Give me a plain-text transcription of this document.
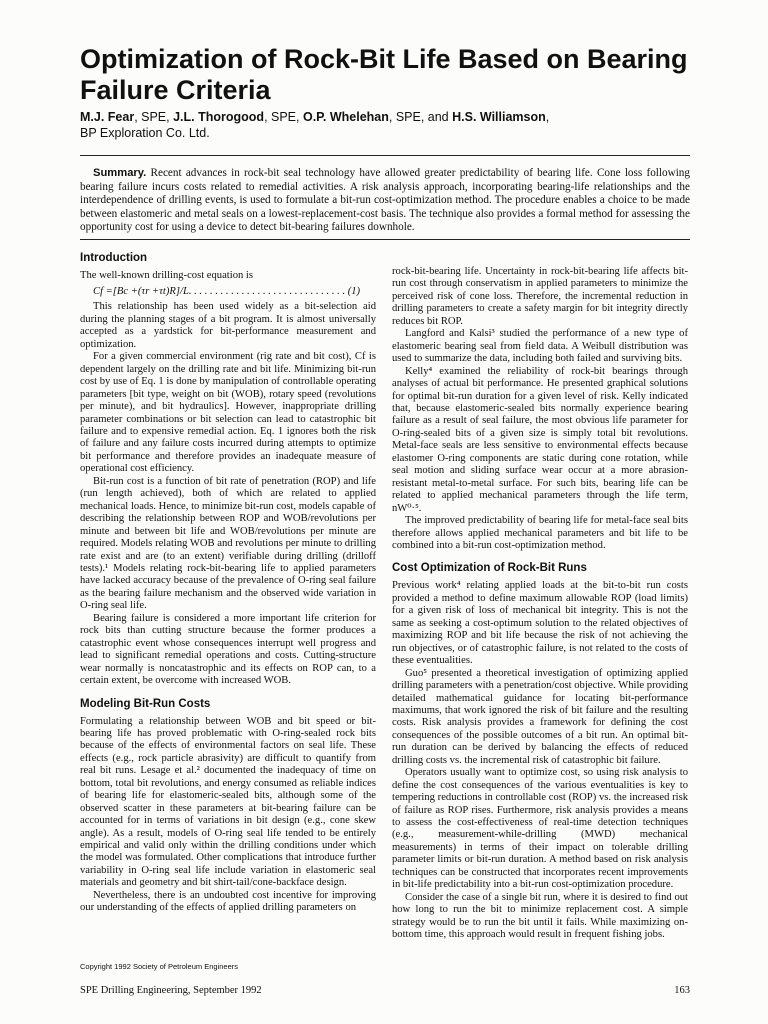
Optimization of Rock-Bit Life Based on Bearing Failure Criteria
M.J. Fear, SPE, J.L. Thorogood, SPE, O.P. Whelehan, SPE, and H.S. Williamson,
BP Exploration Co. Ltd.

Summary. Recent advances in rock-bit seal technology have allowed greater predictability of bearing life. Cone loss following bearing failure incurs costs related to remedial activities. A risk analysis approach, incorporating bearing-life relationships and the interdependence of drilling events, is used to formulate a bit-run cost-optimization method. The procedure enables a choice to be made between elastomeric and metal seals on a lowest-replacement-cost basis. The technique also provides a formal method for assessing the opportunity cost for using a device to detect bit-bearing failures downhole.

Introduction

The well-known drilling-cost equation is

Cf =[Bc +(τr +τt)R]/L. . . . . . . . . . . . . . . . . . . . . . . . . . . . . . (1)

This relationship has been used widely as a bit-selection aid during the planning stages of a bit program. It is almost universally accepted as a yardstick for bit-performance measurement and optimization.

For a given commercial environment (rig rate and bit cost), Cf is dependent largely on the drilling rate and bit life. Minimizing bit-run cost by use of Eq. 1 is done by manipulation of controllable operating parameters [bit type, weight on bit (WOB), rotary speed (revolutions per minute), and bit hydraulics]. However, inappropriate drilling parameter combinations or bit selection can lead to catastrophic bit failure and to expensive remedial action. Eq. 1 ignores both the risk of failure and any failure costs incurred during attempts to optimize bit performance and therefore provides an inadequate measure of operational cost efficiency.

Bit-run cost is a function of bit rate of penetration (ROP) and life (run length achieved), both of which are related to applied mechanical loads. Hence, to minimize bit-run cost, models capable of describing the relationship between ROP and WOB/revolutions per minute and between bit life and WOB/revolutions per minute are required. Models relating WOB and revolutions per minute to drilling rate exist and are (to an extent) verifiable during drilling (drilloff tests).¹ Models relating rock-bit-bearing life to applied parameters have lacked accuracy because of the prevalence of O-ring seal failure as the bearing failure mechanism and the observed wide variation in O-ring seal life.

Bearing failure is considered a more important life criterion for rock bits than cutting structure because the former produces a catastrophic event whose consequences interrupt well progress and lead to significant remedial operations and costs. Cutting-structure wear normally is noncatastrophic and its effects on ROP can, to a certain extent, be overcome with increased WOB.

Modeling Bit-Run Costs

Formulating a relationship between WOB and bit speed or bit-bearing life has proved problematic with O-ring-sealed rock bits because of the effects of environmental factors on seal life. These effects (e.g., rock particle abrasivity) are difficult to quantify from real bit runs. Lesage et al.² documented the inadequacy of time on bottom, total bit revolutions, and energy consumed as reliable indices of bearing life for elastomeric-sealed bits, although some of the observed scatter in these parameters at bit-bearing failure can be accounted for in terms of variations in bit design (e.g., cone skew angle). As a result, models of O-ring seal life tended to be entirely empirical and valid only within the drilling conditions under which the model was formulated. Other complications that introduce further variability in O-ring seal life include variation in elastomeric seal materials and geometry and bit shirt-tail/cone-backface design.

Nevertheless, there is an undoubted cost incentive for improving our understanding of the effects of applied drilling parameters on

rock-bit-bearing life. Uncertainty in rock-bit-bearing life affects bit-run cost through conservatism in applied parameters to minimize the perceived risk of cone loss. Therefore, the incremental reduction in drilling parameters to create a safety margin for bit integrity directly reduces bit ROP.

Langford and Kalsi³ studied the performance of a new type of elastomeric bearing seal from field data. A Weibull distribution was used to summarize the data, including both failed and surviving bits.

Kelly⁴ examined the reliability of rock-bit bearings through analyses of actual bit performance. He presented graphical solutions for optimal bit-run duration for a given level of risk. Kelly indicated that, because elastomeric-sealed bits normally experience bearing failure as a result of seal failure, the most obvious life parameter for O-ring-sealed bits of a given size is simply total bit revolutions. Metal-face seals are less sensitive to environmental effects because elastomer O-ring components are static during cone rotation, while seal motion and sliding surface wear occur at a more abrasion-resistant metal-to-metal surface. For such bits, bearing life can be related to applied mechanical parameters through the life term, nW⁰·⁵.

The improved predictability of bearing life for metal-face seal bits therefore allows applied mechanical parameters and bit life to be combined into a bit-run cost-optimization method.

Cost Optimization of Rock-Bit Runs

Previous work⁴ relating applied loads at the bit-to-bit run costs provided a method to define maximum allowable ROP (load limits) for a given risk of loss of mechanical bit integrity. This is not the same as seeking a cost-optimum solution to the related objectives of maximizing ROP and bit life because the risk of not achieving the run objectives, or of catastrophic failure, is not related to the costs of these eventualities.

Guo⁵ presented a theoretical investigation of optimizing applied drilling parameters with a penetration/cost objective. While providing detailed mathematical guidance for locating bit-performance maximums, that work ignored the risk of bit failure and the resulting costs. Risk analysis provides a framework for defining the cost consequences of the possible outcomes of a bit run. An optimal bit-run duration can be derived by balancing the effects of reduced drilling costs vs. the incremental risk of catastrophic bit failure.

Operators usually want to optimize cost, so using risk analysis to define the cost consequences of the various eventualities is key to tempering reductions in controllable cost (ROP) vs. the increased risk of failure as ROP rises. Furthermore, risk analysis provides a means to assess the cost-effectiveness of real-time detection techniques (e.g., measurement-while-drilling (MWD) mechanical measurements) in terms of their impact on tolerable drilling parameter limits or bit-run duration. A method based on risk analysis techniques can be constructed that incorporates recent improvements in bit-life predictability into a bit-run cost-optimization procedure.

Consider the case of a single bit run, where it is desired to find out how long to run the bit to minimize replacement cost. A simple strategy would be to run the bit until it fails. While maximizing on-bottom time, this approach would result in frequent fishing jobs.

Copyright 1992 Society of Petroleum Engineers
SPE Drilling Engineering, September 1992	163
